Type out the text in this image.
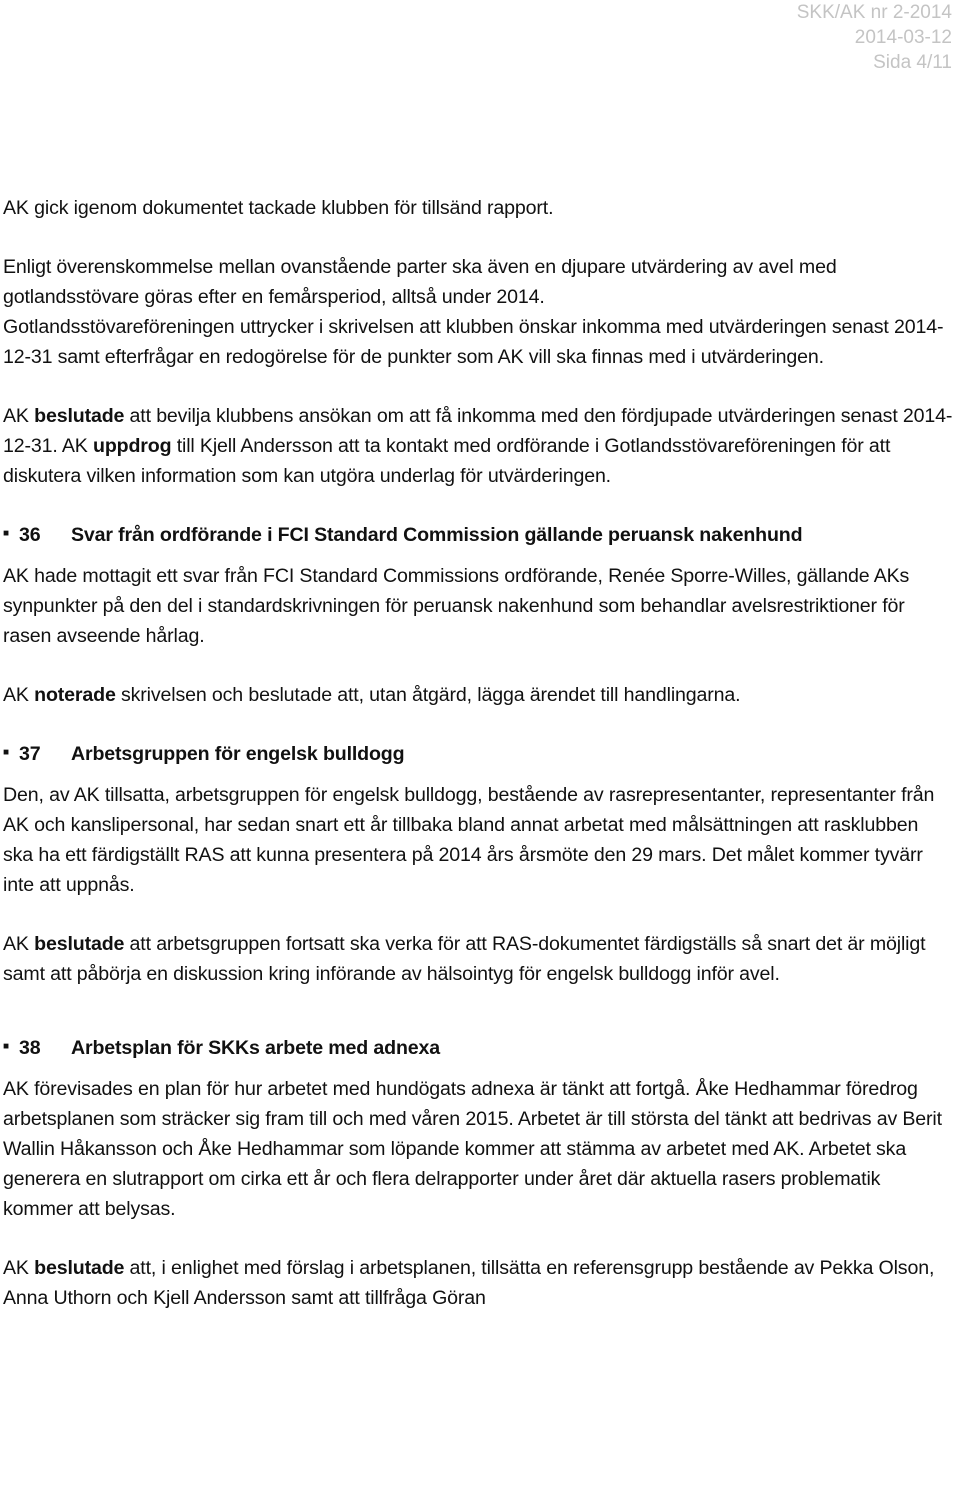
SKK/AK nr 2-2014
2014-03-12
Sida 4/11

AK gick igenom dokumentet tackade klubben för tillsänd rapport.

Enligt överenskommelse mellan ovanstående parter ska även en djupare utvärdering av avel med gotlandsstövare göras efter en femårsperiod, alltså under 2014.

Gotlandsstövareföreningen uttrycker i skrivelsen att klubben önskar inkomma med utvärderingen senast 2014-12-31 samt efterfrågar en redogörelse för de punkter som AK vill ska finnas med i utvärderingen.

AK beslutade att bevilja klubbens ansökan om att få inkomma med den fördjupade utvärderingen senast 2014-12-31. AK uppdrog till Kjell Andersson att ta kontakt med ordförande i Gotlandsstövareföreningen för att diskutera vilken information som kan utgöra underlag för utvärderingen.

■ 36 Svar från ordförande i FCI Standard Commission gällande peruansk nakenhund

AK hade mottagit ett svar från FCI Standard Commissions ordförande, Renée Sporre-Willes, gällande AKs synpunkter på den del i standardskrivningen för peruansk nakenhund som behandlar avelsrestriktioner för rasen avseende hårlag.

AK noterade skrivelsen och beslutade att, utan åtgärd, lägga ärendet till handlingarna.

■ 37 Arbetsgruppen för engelsk bulldogg

Den, av AK tillsatta, arbetsgruppen för engelsk bulldogg, bestående av rasrepresentanter, representanter från AK och kanslipersonal, har sedan snart ett år tillbaka bland annat arbetat med målsättningen att rasklubben ska ha ett färdigställt RAS att kunna presentera på 2014 års årsmöte den 29 mars. Det målet kommer tyvärr inte att uppnås.

AK beslutade att arbetsgruppen fortsatt ska verka för att RAS-dokumentet färdigställs så snart det är möjligt samt att påbörja en diskussion kring införande av hälsointyg för engelsk bulldogg inför avel.

■ 38 Arbetsplan för SKKs arbete med adnexa

AK förevisades en plan för hur arbetet med hundögats adnexa är tänkt att fortgå. Åke Hedhammar föredrog arbetsplanen som sträcker sig fram till och med våren 2015. Arbetet är till största del tänkt att bedrivas av Berit Wallin Håkansson och Åke Hedhammar som löpande kommer att stämma av arbetet med AK. Arbetet ska generera en slutrapport om cirka ett år och flera delrapporter under året där aktuella rasers problematik kommer att belysas.

AK beslutade att, i enlighet med förslag i arbetsplanen, tillsätta en referensgrupp bestående av Pekka Olson, Anna Uthorn och Kjell Andersson samt att tillfråga Göran
